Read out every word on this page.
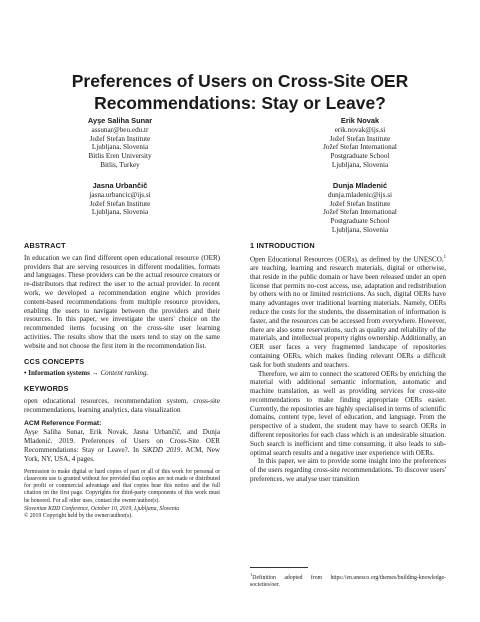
Preferences of Users on Cross-Site OER
Recommendations: Stay or Leave?
Ayşe Saliha Sunar
assunar@beu.edu.tr
Jožef Stefan Institute
Ljubljana, Slovenia
Bitlis Eren University
Bitlis, Turkey
Erik Novak
erik.novak@ijs.si
Jožef Stefan Institute
Jožef Stefan International
Postgraduate School
Ljubljana, Slovenia
Jasna Urbančič
jasna.urbancic@ijs.si
Jožef Stefan Institute
Ljubljana, Slovenia
Dunja Mladenić
dunja.mladenic@ijs.si
Jožef Stefan Institute
Jožef Stefan International
Postgraduate School
Ljubljana, Slovenia
ABSTRACT

In education we can find different open educational resource (OER) providers that are serving resources in different modalities, formats and languages. These providers can be the actual resource creators or re-distributors that redirect the user to the actual provider. In recent work, we developed a recommendation engine which provides content-based recommendations from multiple resource providers, enabling the users to navigate between the providers and their resources. In this paper, we investigate the users' choice on the recommended items focusing on the cross-site user learning activities. The results show that the users tend to stay on the same website and not choose the first item in the recommendation list.

CCS CONCEPTS

• Information systems → Content ranking.

KEYWORDS

open educational resources, recommendation system, cross-site recommendations, learning analytics, data visualization

ACM Reference Format:

Ayşe Saliha Sunar, Erik Novak, Jasna Urbančič, and Dunja Mladenić. 2019. Preferences of Users on Cross-Site OER Recommendations: Stay or Leave?. In SiKDD 2019. ACM, New York, NY, USA, 4 pages.

Permission to make digital or hard copies of part or all of this work for personal or classroom use is granted without fee provided that copies are not made or distributed for profit or commercial advantage and that copies bear this notice and the full citation on the first page. Copyrights for third-party components of this work must be honored. For all other uses, contact the owner/author(s).

Slovenian KDD Conference, October 10, 2019, Ljubljana, Slovenia

© 2019 Copyright held by the owner/author(s).

1 INTRODUCTION

Open Educational Resources (OERs), as defined by the UNESCO,$^1$ are teaching, learning and research materials, digital or otherwise, that reside in the public domain or have been released under an open license that permits no-cost access, use, adaptation and redistribution by others with no or limited restrictions. As such, digital OERs have many advantages over traditional learning materials. Namely, OERs reduce the costs for the students, the dissemination of information is faster, and the resources can be accessed from everywhere. However, there are also some reservations, such as quality and reliability of the materials, and intellectual property rights ownership. Additionally, an OER user faces a very fragmented landscape of repositories containing OERs, which makes finding relevant OERs a difficult task for both students and teachers.

Therefore, we aim to connect the scattered OERs by enriching the material with additional semantic information, automatic and machine translation, as well as providing services for cross-site recommendations to make finding appropriate OERs easier. Currently, the repositories are highly specialised in terms of scientific domains, content type, level of education, and language. From the perspective of a student, the student may have to search OERs in different repositories for each class which is an undesirable situation. Such search is inefficient and time consuming, it also leads to sub-optimal search results and a negative user experience with OERs.

In this paper, we aim to provide some insight into the preferences of the users regarding cross-site recommendations. To discover users' preferences, we analyse user transition

$^1$Definition adopted from https://en.unesco.org/themes/building-knowledge-societies/oer.
